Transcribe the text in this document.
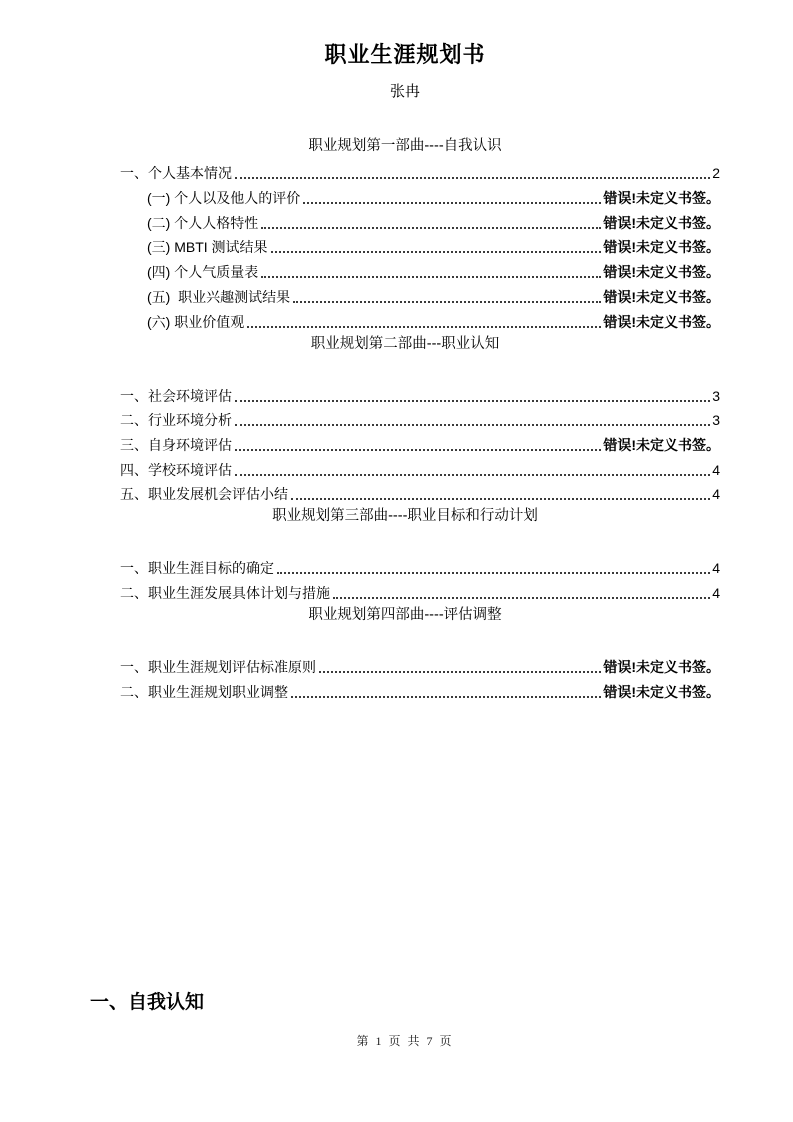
职业生涯规划书
张冉
职业规划第一部曲----自我认识
一、个人基本情况	2
(一) 个人以及他人的评价	错误!未定义书签。
(二) 个人人格特性	错误!未定义书签。
(三) MBTI 测试结果	错误!未定义书签。
(四) 个人气质量表	错误!未定义书签。
(五)  职业兴趣测试结果	错误!未定义书签。
(六) 职业价值观	错误!未定义书签。
职业规划第二部曲---职业认知
一、社会环境评估	3
二、行业环境分析	3
三、自身环境评估	错误!未定义书签。
四、学校环境评估	4
五、职业发展机会评估小结	4
职业规划第三部曲----职业目标和行动计划
一、职业生涯目标的确定	4
二、职业生涯发展具体计划与措施	4
职业规划第四部曲----评估调整
一、职业生涯规划评估标准原则	错误!未定义书签。
二、职业生涯规划职业调整	错误!未定义书签。
一、自我认知
第 1 页 共 7 页
